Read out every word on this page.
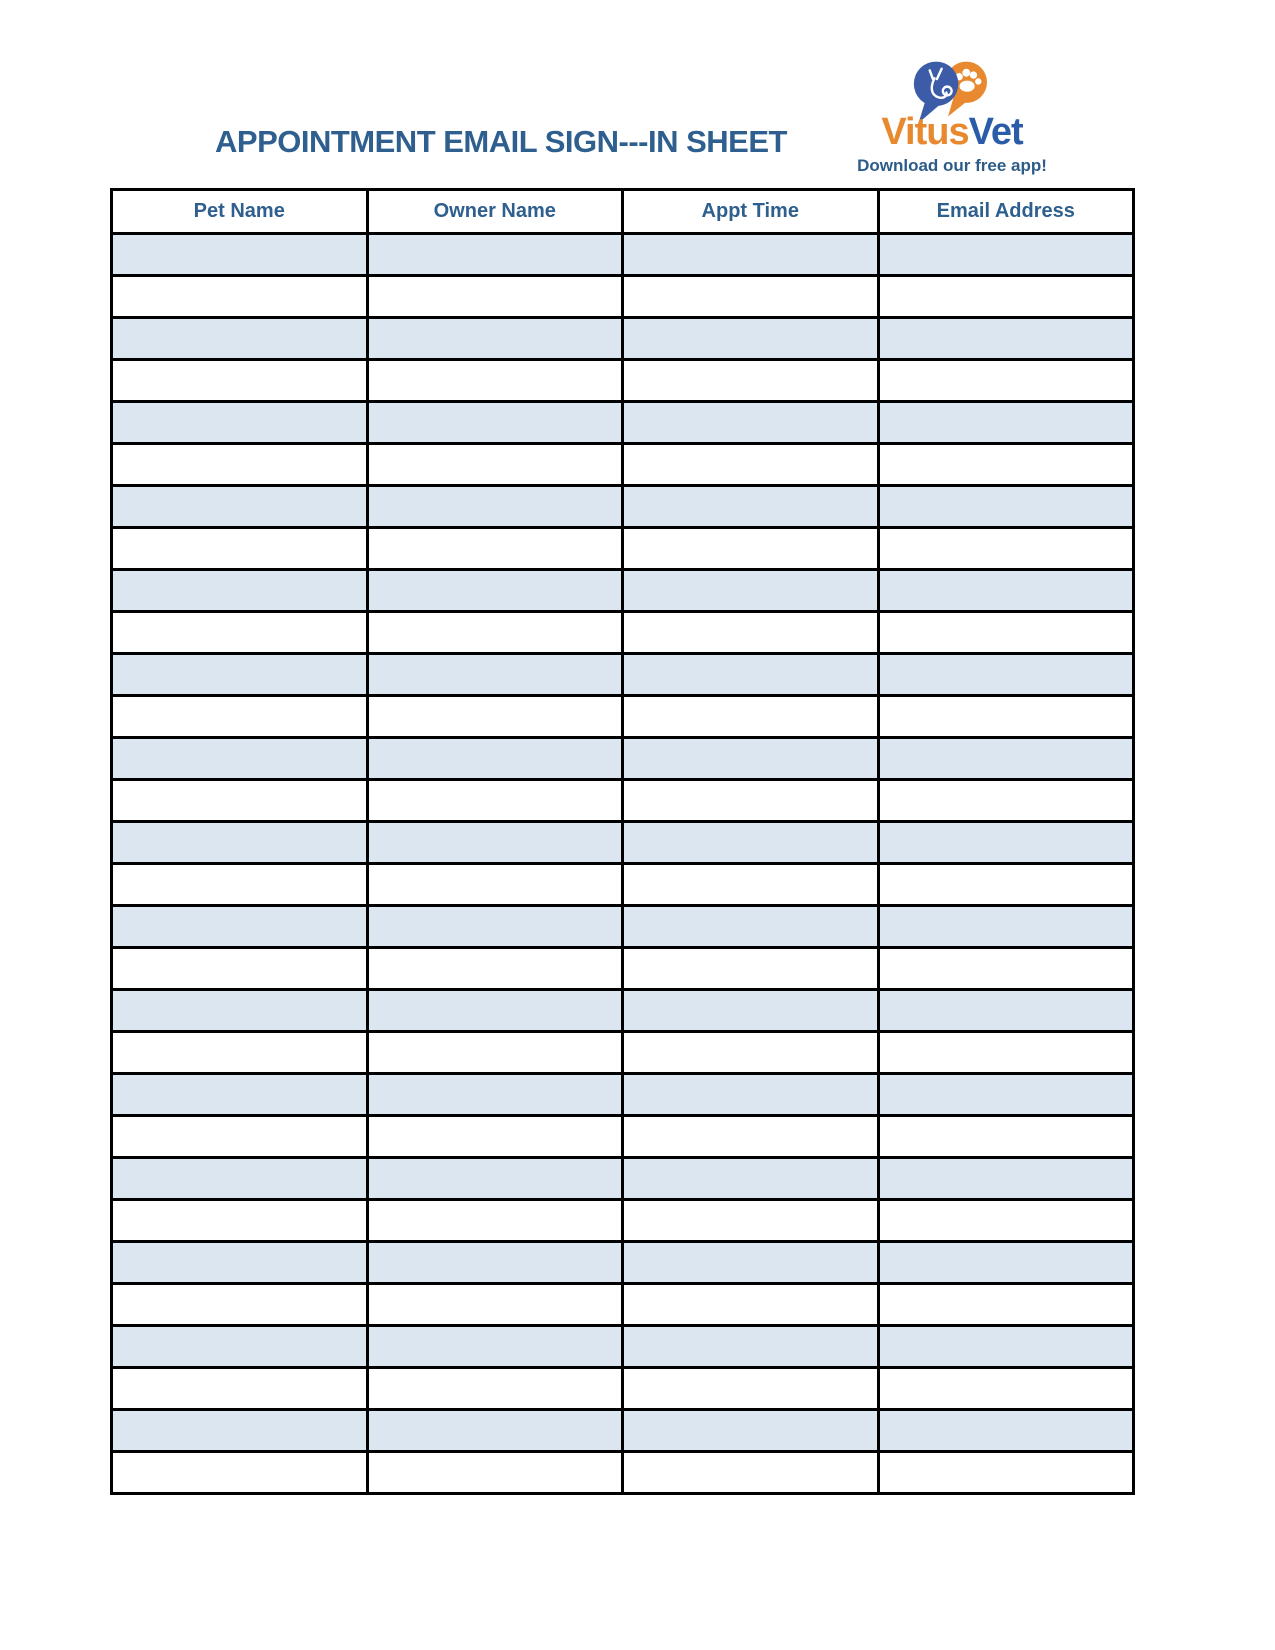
APPOINTMENT EMAIL SIGN---IN SHEET	VitusVet
Download our free app!
Pet Name	Owner Name	Appt Time	Email Address
